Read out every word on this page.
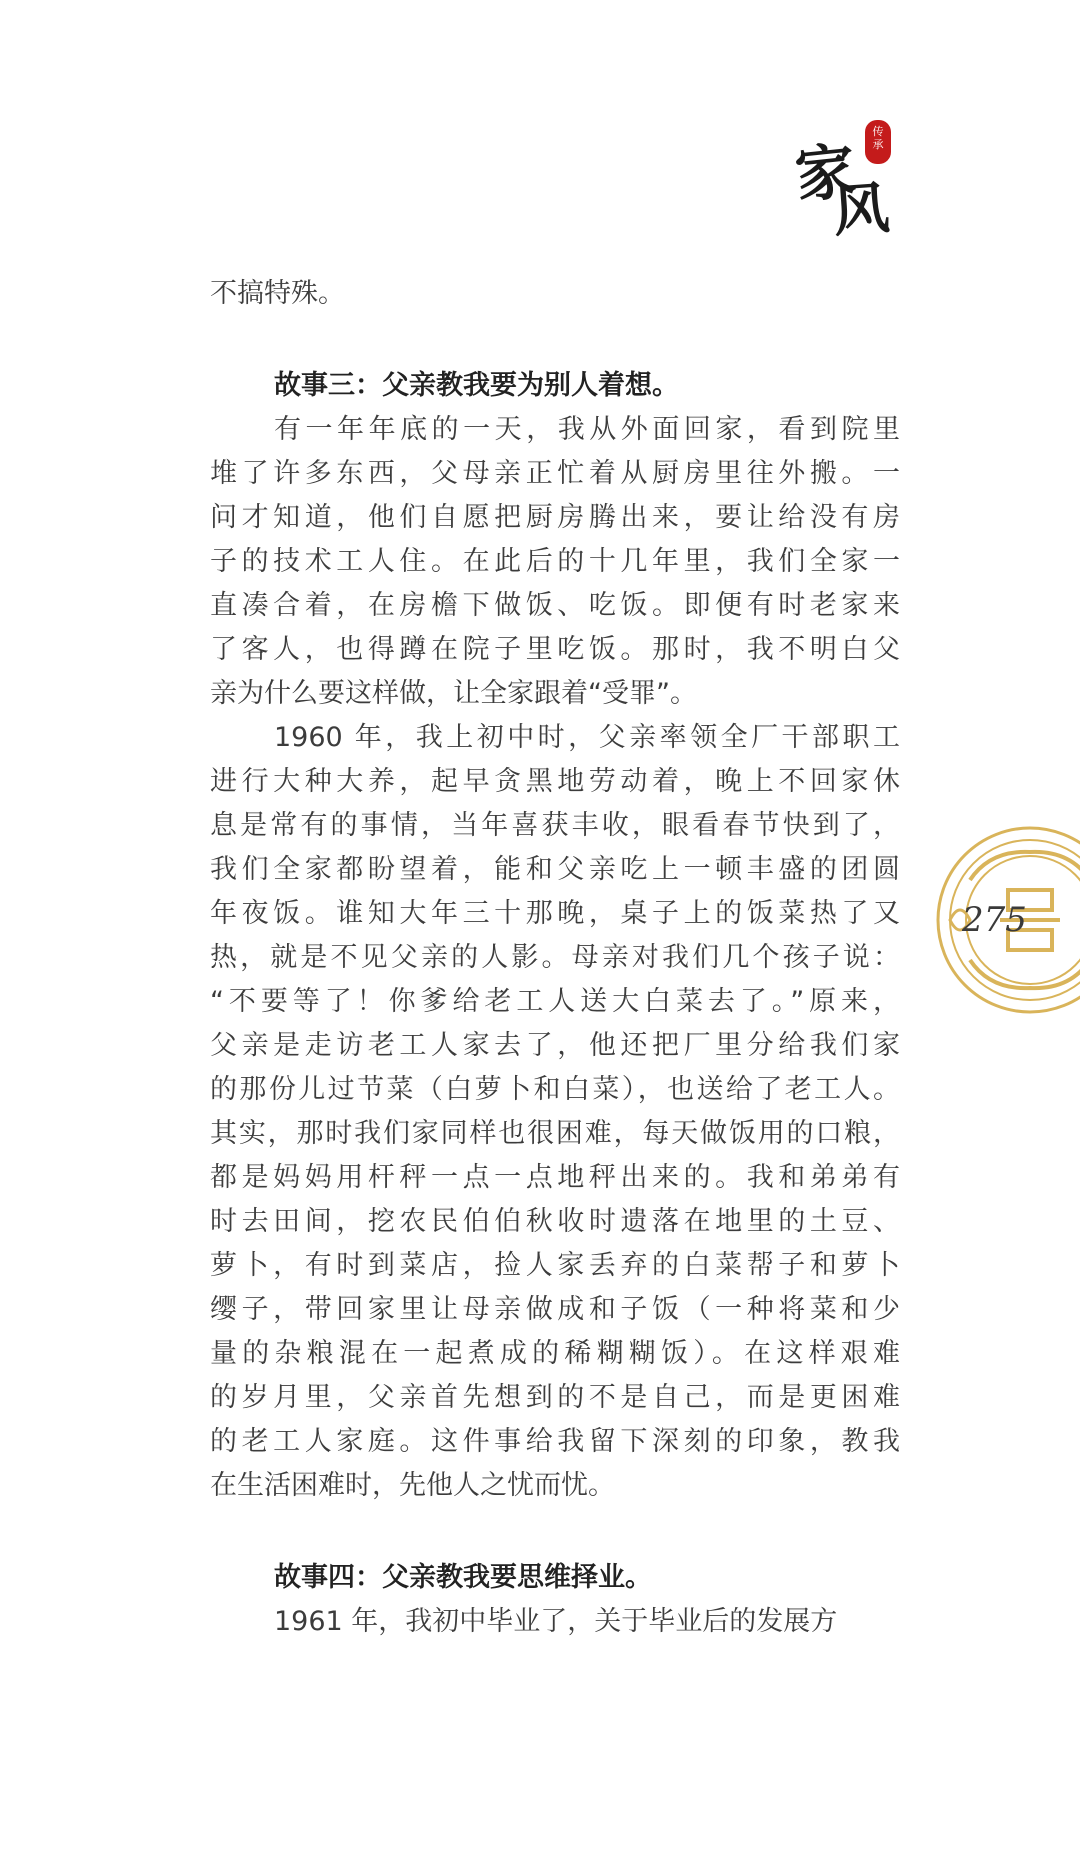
家
风
传
承
不搞特殊。
故事三：父亲教我要为别人着想。
有一年年底的一天，我从外面回家，看到院里
堆了许多东西，父母亲正忙着从厨房里往外搬。一
问才知道，他们自愿把厨房腾出来，要让给没有房
子的技术工人住。在此后的十几年里，我们全家一
直凑合着，在房檐下做饭、吃饭。即便有时老家来
了客人，也得蹲在院子里吃饭。那时，我不明白父
亲为什么要这样做，让全家跟着“受罪”。
1960 年，我上初中时，父亲率领全厂干部职工
进行大种大养，起早贪黑地劳动着，晚上不回家休
息是常有的事情，当年喜获丰收，眼看春节快到了，
我们全家都盼望着，能和父亲吃上一顿丰盛的团圆
年夜饭。谁知大年三十那晚，桌子上的饭菜热了又
热，就是不见父亲的人影。母亲对我们几个孩子说：
“不要等了！你爹给老工人送大白菜去了。”原来，
父亲是走访老工人家去了，他还把厂里分给我们家
的那份儿过节菜（白萝卜和白菜），也送给了老工人。
其实，那时我们家同样也很困难，每天做饭用的口粮，
都是妈妈用杆秤一点一点地秤出来的。我和弟弟有
时去田间，挖农民伯伯秋收时遗落在地里的土豆、
萝卜，有时到菜店，捡人家丢弃的白菜帮子和萝卜
缨子，带回家里让母亲做成和子饭（一种将菜和少
量的杂粮混在一起煮成的稀糊糊饭）。在这样艰难
的岁月里，父亲首先想到的不是自己，而是更困难
的老工人家庭。这件事给我留下深刻的印象，教我
在生活困难时，先他人之忧而忧。
故事四：父亲教我要思维择业。
1961 年，我初中毕业了，关于毕业后的发展方
275
